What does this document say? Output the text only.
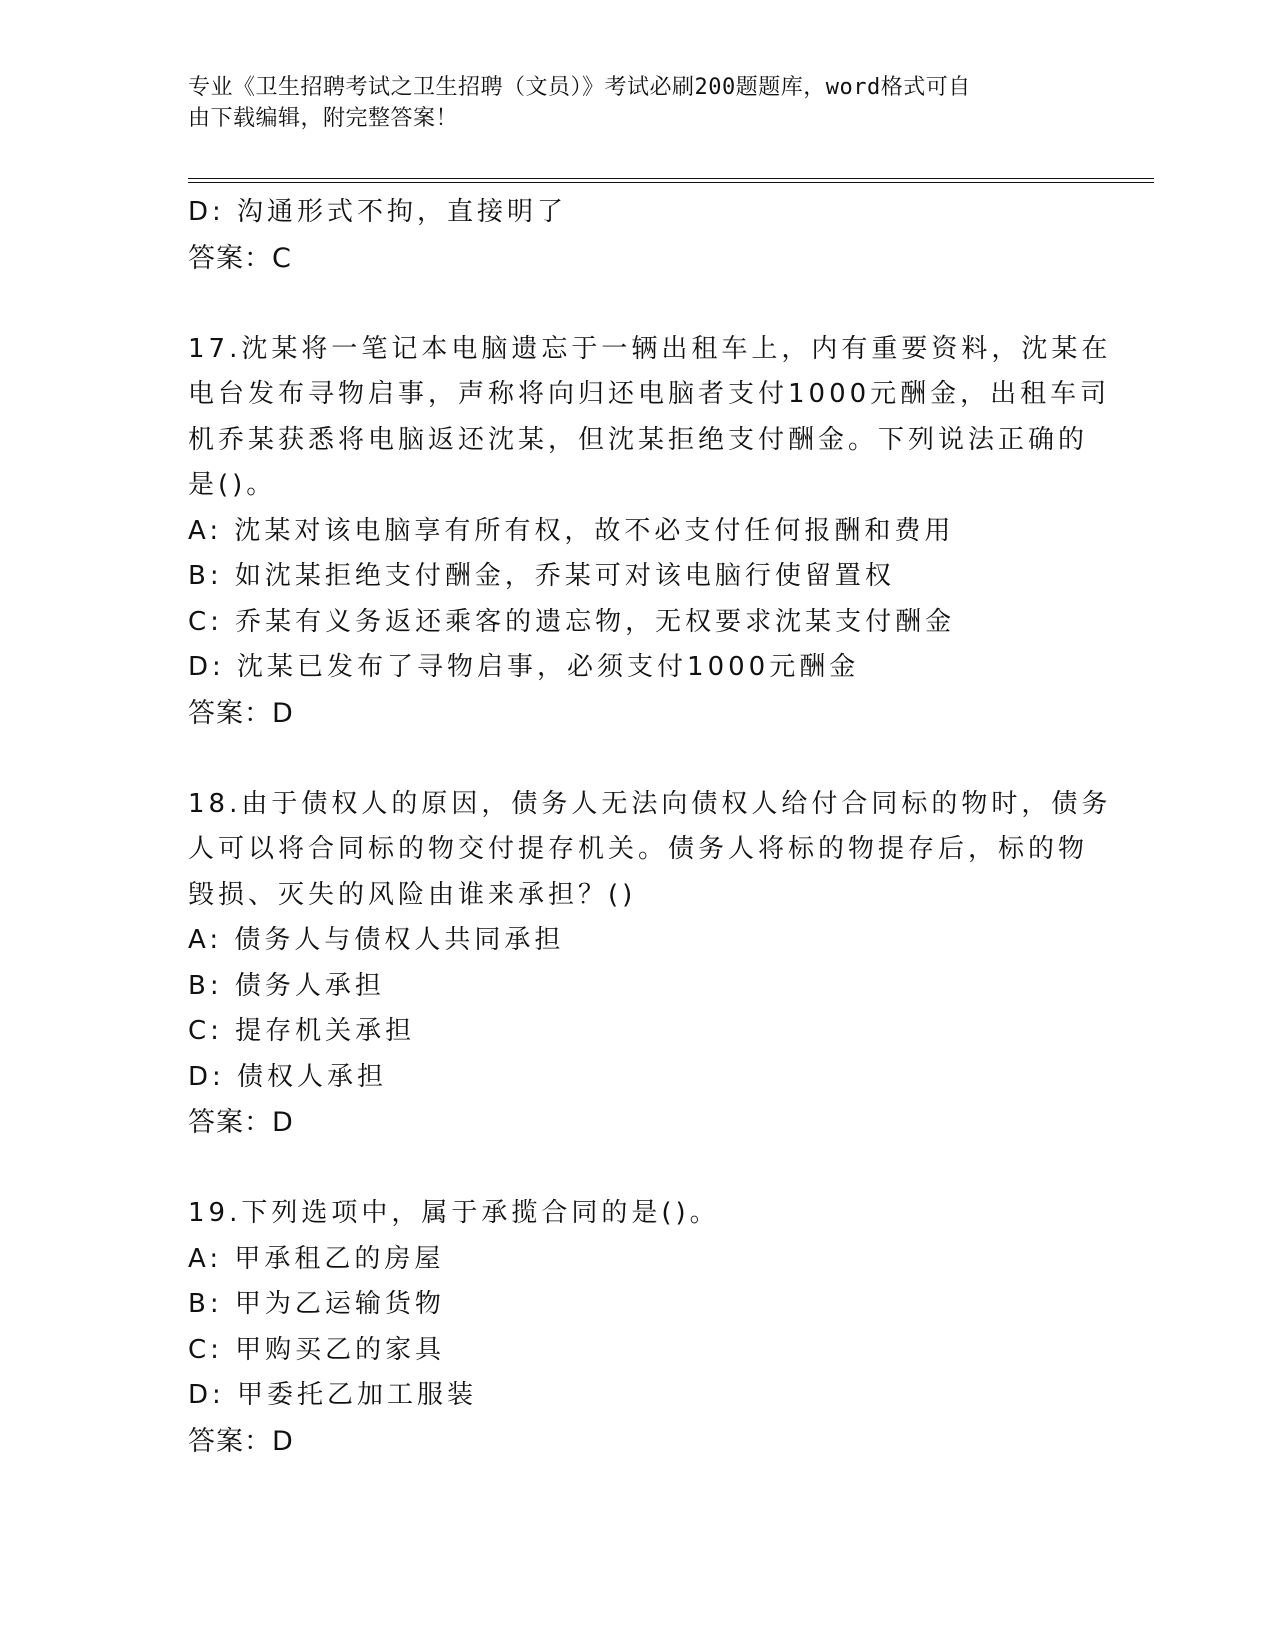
专业《卫生招聘考试之卫生招聘（文员）》考试必刷200题题库，word格式可自
由下载编辑，附完整答案！

D: 沟通形式不拘，直接明了

答案：C

17.沈某将一笔记本电脑遗忘于一辆出租车上，内有重要资料，沈某在

电台发布寻物启事，声称将向归还电脑者支付1000元酬金，出租车司

机乔某获悉将电脑返还沈某，但沈某拒绝支付酬金。下列说法正确的

是()。

A: 沈某对该电脑享有所有权，故不必支付任何报酬和费用

B: 如沈某拒绝支付酬金，乔某可对该电脑行使留置权

C: 乔某有义务返还乘客的遗忘物，无权要求沈某支付酬金

D: 沈某已发布了寻物启事，必须支付1000元酬金

答案：D

18.由于债权人的原因，债务人无法向债权人给付合同标的物时，债务

人可以将合同标的物交付提存机关。债务人将标的物提存后，标的物

毁损、灭失的风险由谁来承担？()

A: 债务人与债权人共同承担

B: 债务人承担

C: 提存机关承担

D: 债权人承担

答案：D

19.下列选项中，属于承揽合同的是()。

A: 甲承租乙的房屋

B: 甲为乙运输货物

C: 甲购买乙的家具

D: 甲委托乙加工服装

答案：D
